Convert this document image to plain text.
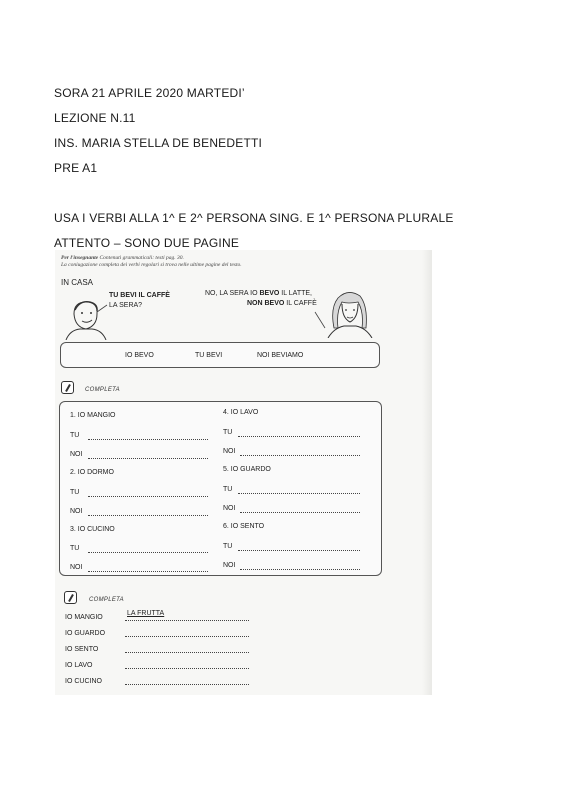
SORA 21 APRILE 2020 MARTEDI’
LEZIONE N.11
INS. MARIA STELLA DE BENEDETTI
PRE A1
USA I VERBI ALLA 1^ E 2^ PERSONA SING. E 1^ PERSONA PLURALE
ATTENTO – SONO DUE PAGINE
Per l'insegnante Contenuti grammaticali: testi pag. 30.
La coniugazione completa dei verbi regolari si trova nelle ultime pagine del testo.
IN CASA
TU BEVI IL CAFFÈ
LA SERA?
NO, LA SERA IO BEVO IL LATTE,
NON BEVO IL CAFFÈ
IO BEVO	TU BEVI	NOI BEVIAMO
COMPLETA
1. IO MANGIO
TU
NOI
2. IO DORMO
TU
NOI
3. IO CUCINO
TU
NOI
4. IO LAVO
TU
NOI
5. IO GUARDO
TU
NOI
6. IO SENTO
TU
NOI
COMPLETA
IO MANGIO
LA FRUTTA
IO GUARDO
IO SENTO
IO LAVO
IO CUCINO
